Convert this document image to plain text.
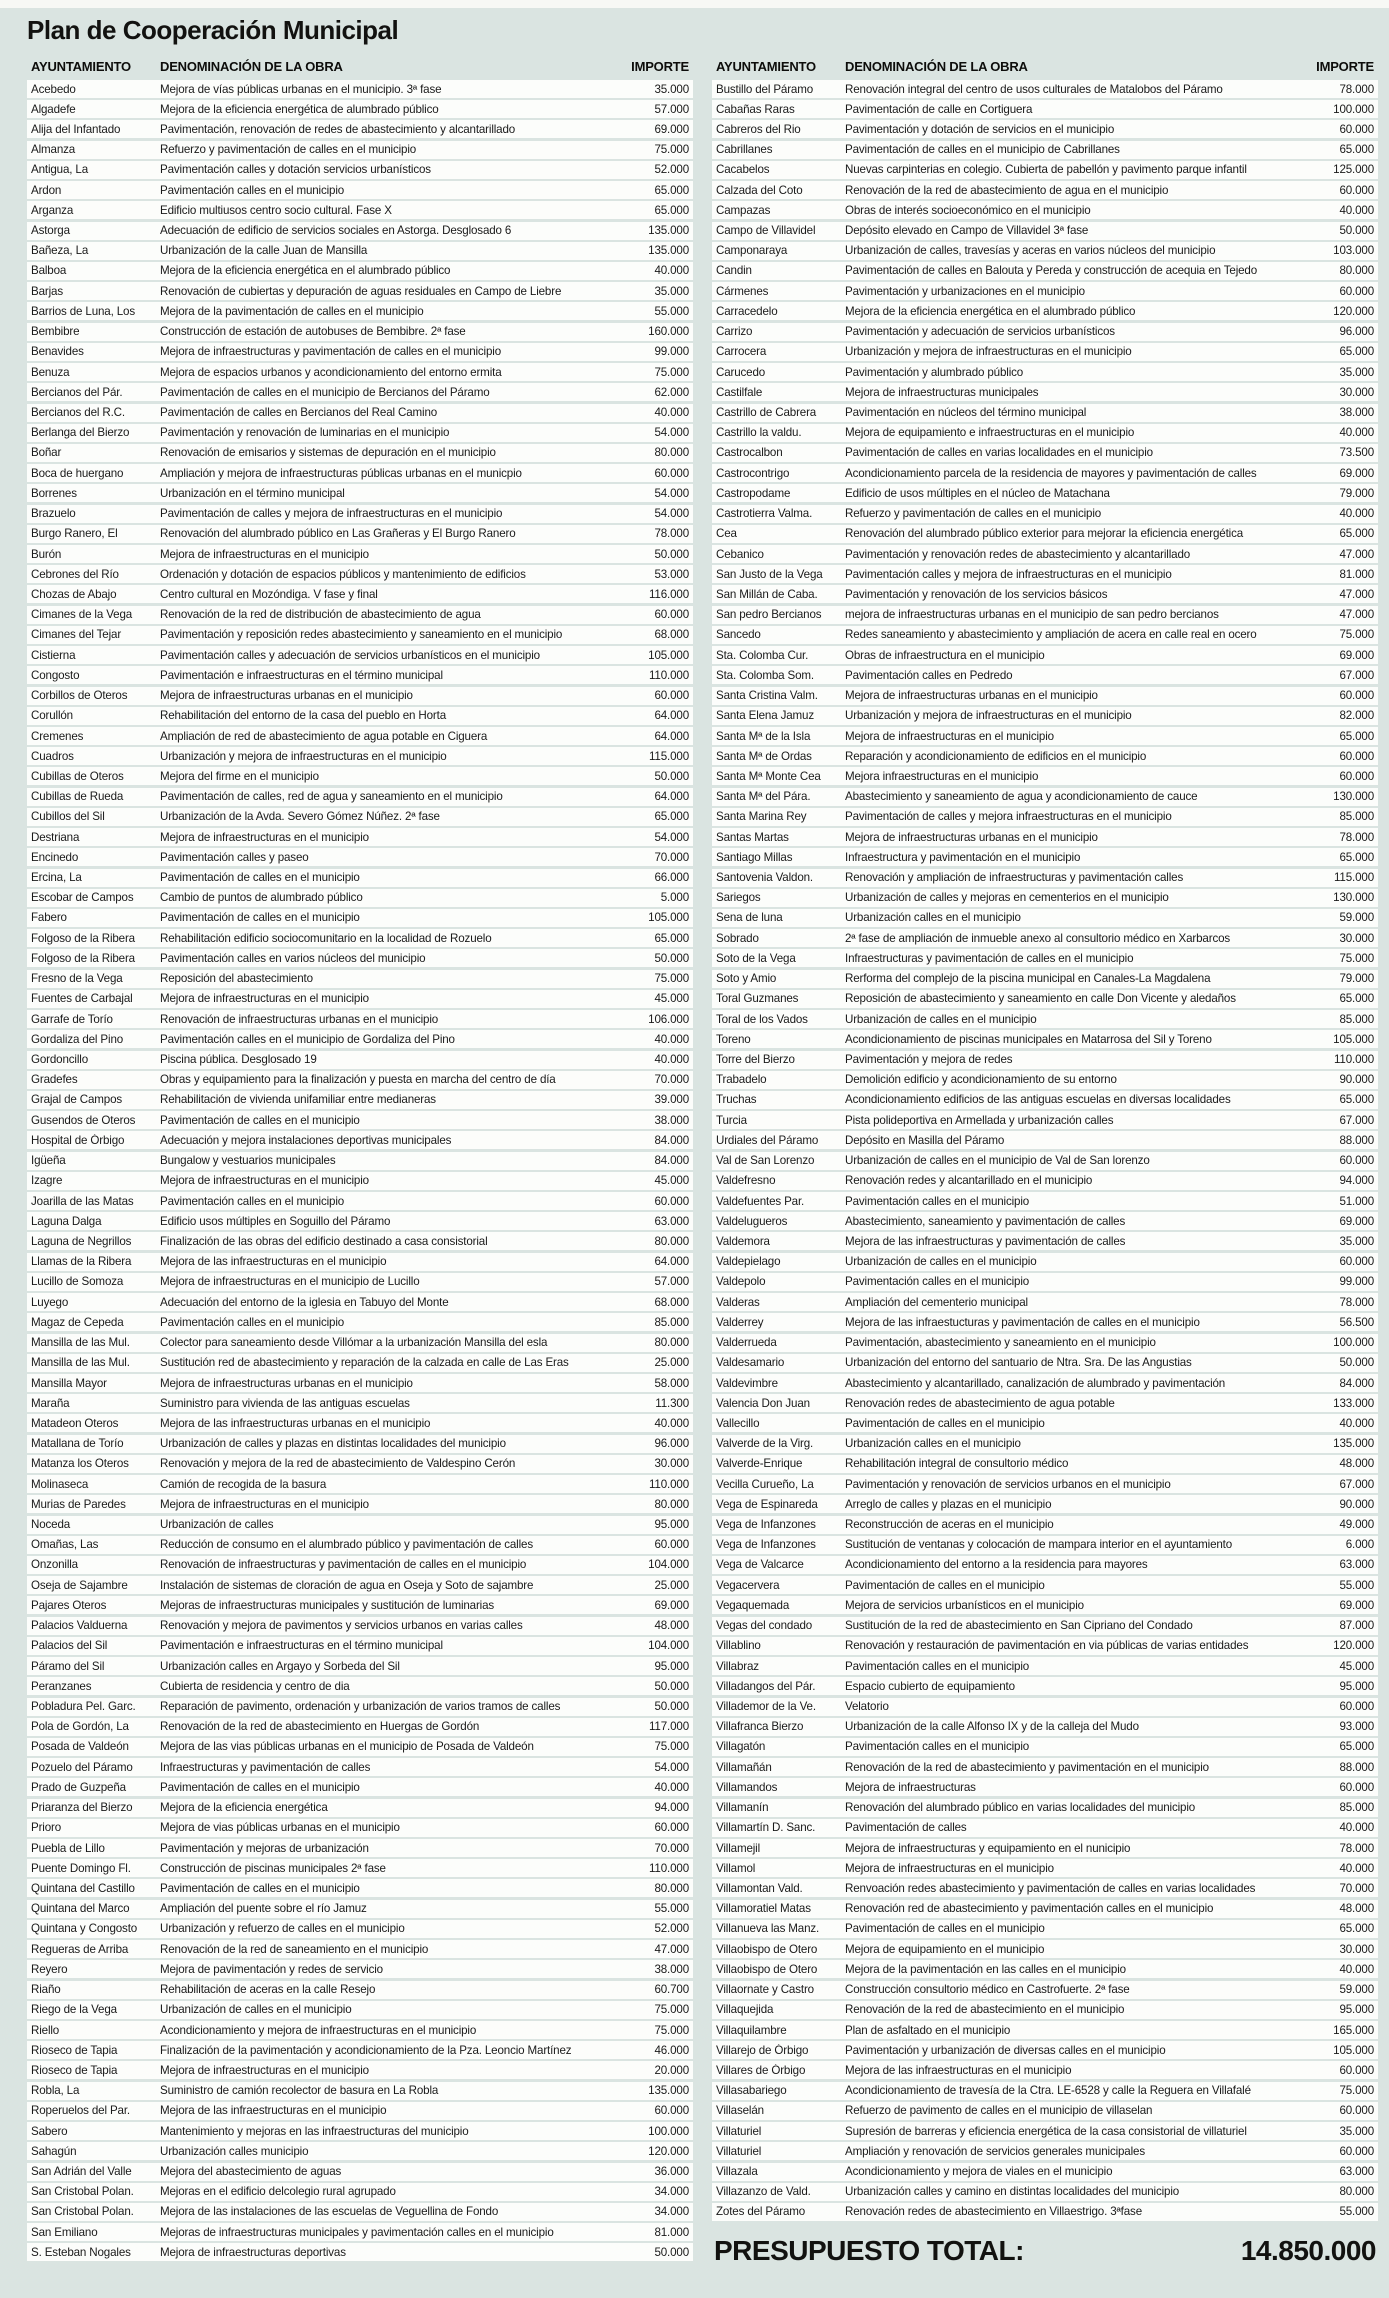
Plan de Cooperación Municipal
AYUNTAMIENTO	DENOMINACIÓN DE LA OBRA	IMPORTE
Acebedo	Mejora de vías públicas urbanas en el municipio. 3ª fase	35.000
Algadefe	Mejora de la eficiencia energética de alumbrado público	57.000
Alija del Infantado	Pavimentación, renovación de redes de abastecimiento y alcantarillado	69.000
Almanza	Refuerzo y pavimentación de calles en el municipio	75.000
Antigua, La	Pavimentación calles y dotación servicios urbanísticos	52.000
Ardon	Pavimentación calles en el municipio	65.000
Arganza	Edificio multiusos centro socio cultural. Fase X	65.000
Astorga	Adecuación de edificio de servicios sociales en Astorga. Desglosado 6	135.000
Bañeza, La	Urbanización de la calle Juan de Mansilla	135.000
Balboa	Mejora de la eficiencia energética en el alumbrado público	40.000
Barjas	Renovación de cubiertas y depuración de aguas residuales en Campo de Liebre	35.000
Barrios de Luna, Los	Mejora de la pavimentación de calles en el municipio	55.000
Bembibre	Construcción de estación de autobuses de Bembibre. 2ª fase	160.000
Benavides	Mejora de infraestructuras y pavimentación de calles en el municipio	99.000
Benuza	Mejora de espacios urbanos y acondicionamiento del entorno ermita	75.000
Bercianos del Pár.	Pavimentación de calles en el municipio de Bercianos del Páramo	62.000
Bercianos del R.C.	Pavimentación de calles en Bercianos del Real Camino	40.000
Berlanga del Bierzo	Pavimentación y renovación de luminarias en el municipio	54.000
Boñar	Renovación de emisarios y sistemas de depuración en el municipio	80.000
Boca de huergano	Ampliación y mejora de infraestructuras públicas urbanas en el municpio	60.000
Borrenes	Urbanización en el término municipal	54.000
Brazuelo	Pavimentación de calles y mejora de infraestructuras en el municipio	54.000
Burgo Ranero, El	Renovación del alumbrado público en Las Grañeras y El Burgo Ranero	78.000
Burón	Mejora de infraestructuras en el municipio	50.000
Cebrones del Río	Ordenación y dotación de espacios públicos y mantenimiento de edificios	53.000
Chozas de Abajo	Centro cultural en Mozóndiga. V fase y final	116.000
Cimanes de la Vega	Renovación de la red de distribución de abastecimiento de agua	60.000
Cimanes del Tejar	Pavimentación y reposición redes abastecimiento y saneamiento en el municipio	68.000
Cistierna	Pavimentación calles y adecuación de servicios urbanísticos en el municipio	105.000
Congosto	Pavimentación e infraestructuras en el término municipal	110.000
Corbillos de Oteros	Mejora de infraestructuras urbanas en el municipio	60.000
Corullón	Rehabilitación del entorno de la casa del pueblo en Horta	64.000
Cremenes	Ampliación de red de abastecimiento de agua potable en Ciguera	64.000
Cuadros	Urbanización y mejora de infraestructuras en el municipio	115.000
Cubillas de Oteros	Mejora del firme en el municipio	50.000
Cubillas de Rueda	Pavimentación de calles, red de agua y saneamiento en el municipio	64.000
Cubillos del Sil	Urbanización de la Avda. Severo Gómez Núñez. 2ª fase	65.000
Destriana	Mejora de infraestructuras en el municipio	54.000
Encinedo	Pavimentación calles y paseo	70.000
Ercina, La	Pavimentación de calles en el municipio	66.000
Escobar de Campos	Cambio de puntos de alumbrado público	5.000
Fabero	Pavimentación de calles en el municipio	105.000
Folgoso de la Ribera	Rehabilitación edificio sociocomunitario en la localidad de Rozuelo	65.000
Folgoso de la Ribera	Pavimentación calles en varios núcleos del municipio	50.000
Fresno de la Vega	Reposición del abastecimiento	75.000
Fuentes de Carbajal	Mejora de infraestructuras en el municipio	45.000
Garrafe de Torío	Renovación de infraestructuras urbanas en el municipio	106.000
Gordaliza del Pino	Pavimentación calles en el municipio de Gordaliza del Pino	40.000
Gordoncillo	Piscina pública. Desglosado 19	40.000
Gradefes	Obras y equipamiento para la finalización y puesta en marcha del centro de día	70.000
Grajal de Campos	Rehabilitación de vivienda unifamiliar entre medianeras	39.000
Gusendos de Oteros	Pavimentación de calles en el municipio	38.000
Hospital de Órbigo	Adecuación y mejora instalaciones deportivas municipales	84.000
Igüeña	Bungalow y vestuarios municipales	84.000
Izagre	Mejora de infraestructuras en el municipio	45.000
Joarilla de las Matas	Pavimentación calles en el municipio	60.000
Laguna Dalga	Edificio usos múltiples en Soguillo del Páramo	63.000
Laguna de Negrillos	Finalización de las obras del edificio destinado a casa consistorial	80.000
Llamas de la Ribera	Mejora de las infraestructuras en el municipio	64.000
Lucillo de Somoza	Mejora de infraestructuras en el municipio de Lucillo	57.000
Luyego	Adecuación del entorno de la iglesia en Tabuyo del Monte	68.000
Magaz de Cepeda	Pavimentación calles en el municipio	85.000
Mansilla de las Mul.	Colector para saneamiento desde Villómar a la urbanización Mansilla del esla	80.000
Mansilla de las Mul.	Sustitución red de abastecimiento y reparación de la calzada en calle de Las Eras	25.000
Mansilla Mayor	Mejora de infraestructuras urbanas en el municipio	58.000
Maraña	Suministro para vivienda de las antiguas escuelas	11.300
Matadeon Oteros	Mejora de las infraestructuras urbanas en el municipio	40.000
Matallana de Torío	Urbanización de calles y plazas en distintas localidades del municipio	96.000
Matanza los Oteros	Renovación y mejora de la red de abastecimiento de Valdespino Cerón	30.000
Molinaseca	Camión de recogida de la basura	110.000
Murias de Paredes	Mejora de infraestructuras en el municipio	80.000
Noceda	Urbanización de calles	95.000
Omañas, Las	Reducción de consumo en el alumbrado público y pavimentación de calles	60.000
Onzonilla	Renovación de infraestructuras y pavimentación de calles en el municipio	104.000
Oseja de Sajambre	Instalación de sistemas de cloración de agua en Oseja y Soto de sajambre	25.000
Pajares Oteros	Mejoras de infraestructuras municipales y sustitución de luminarias	69.000
Palacios Valduerna	Renovación y mejora de pavimentos y servicios urbanos en varias calles	48.000
Palacios del Sil	Pavimentación e infraestructuras en el término municipal	104.000
Páramo del Sil	Urbanización calles en Argayo y Sorbeda del Sil	95.000
Peranzanes	Cubierta de residencia y centro de dia	50.000
Pobladura Pel. Garc.	Reparación de pavimento, ordenación y urbanización de varios tramos de calles	50.000
Pola de Gordón, La	Renovación de la red de abastecimiento en Huergas de Gordón	117.000
Posada de Valdeón	Mejora de las vias públicas urbanas en el municipio de Posada de Valdeón	75.000
Pozuelo del Páramo	Infraestructuras y pavimentación de calles	54.000
Prado de Guzpeña	Pavimentación de calles en el municipio	40.000
Priaranza del Bierzo	Mejora de la eficiencia energética	94.000
Prioro	Mejora de vias públicas urbanas en el municipio	60.000
Puebla de Lillo	Pavimentación y mejoras de urbanización	70.000
Puente Domingo Fl.	Construcción de piscinas municipales 2ª fase	110.000
Quintana del Castillo	Pavimentación de calles en el municipio	80.000
Quintana del Marco	Ampliación del puente sobre el río Jamuz	55.000
Quintana y Congosto	Urbanización y refuerzo de calles en el municipio	52.000
Regueras de Arriba	Renovación de la red de saneamiento en el municipio	47.000
Reyero	Mejora de pavimentación y redes de servicio	38.000
Riaño	Rehabilitación de aceras en la calle Resejo	60.700
Riego de la Vega	Urbanización de calles en el municipio	75.000
Riello	Acondicionamiento y mejora de infraestructuras en el municipio	75.000
Rioseco de Tapia	Finalización de la pavimentación y acondicionamiento de la Pza. Leoncio Martínez	46.000
Rioseco de Tapia	Mejora de infraestructuras en el municipio	20.000
Robla, La	Suministro de camión recolector de basura en La Robla	135.000
Roperuelos del Par.	Mejora de las infraestructuras en el municipio	60.000
Sabero	Mantenimiento y mejoras en las infraestructuras del municipio	100.000
Sahagún	Urbanización calles municipio	120.000
San Adrián del Valle	Mejora del abastecimiento de aguas	36.000
San Cristobal Polan.	Mejoras en el edificio delcolegio rural agrupado	34.000
San Cristobal Polan.	Mejora de las instalaciones de las escuelas de Veguellina de Fondo	34.000
San Emiliano	Mejoras de infraestructuras municipales y pavimentación calles en el municipio	81.000
S. Esteban Nogales	Mejora de infraestructuras deportivas	50.000
AYUNTAMIENTO	DENOMINACIÓN DE LA OBRA	IMPORTE
Bustillo del Páramo	Renovación integral del centro de usos culturales de Matalobos del Páramo	78.000
Cabañas Raras	Pavimentación de calle en Cortiguera	100.000
Cabreros del Rio	Pavimentación y dotación de servicios en el municipio	60.000
Cabrillanes	Pavimentación de calles en el municipio de Cabrillanes	65.000
Cacabelos	Nuevas carpinterias en colegio. Cubierta de pabellón y pavimento parque infantil	125.000
Calzada del Coto	Renovación de la red de abastecimiento de agua en el municipio	60.000
Campazas	Obras de interés socioeconómico en el municipio	40.000
Campo de Villavidel	Depósito elevado en Campo de Villavidel 3ª fase	50.000
Camponaraya	Urbanización de calles, travesías y aceras en varios núcleos del municipio	103.000
Candin	Pavimentación de calles en Balouta y Pereda y construcción de acequia en Tejedo	80.000
Cármenes	Pavimentación y urbanizaciones en el municipio	60.000
Carracedelo	Mejora de la eficiencia energética en el alumbrado público	120.000
Carrizo	Pavimentación y adecuación de servicios urbanísticos	96.000
Carrocera	Urbanización y mejora de infraestructuras en el municipio	65.000
Carucedo	Pavimentación y alumbrado público	35.000
Castilfale	Mejora de infraestructuras municipales	30.000
Castrillo de Cabrera	Pavimentación en núcleos del término municipal	38.000
Castrillo la valdu.	Mejora de equipamiento e infraestructuras en el municipio	40.000
Castrocalbon	Pavimentación de calles en varias localidades en el municipio	73.500
Castrocontrigo	Acondicionamiento parcela de la residencia de mayores y pavimentación de calles	69.000
Castropodame	Edificio de usos múltiples en el núcleo de Matachana	79.000
Castrotierra Valma.	Refuerzo y pavimentación de calles en el municipio	40.000
Cea	Renovación del alumbrado público exterior para mejorar la eficiencia energética	65.000
Cebanico	Pavimentación y renovación redes de abastecimiento y alcantarillado	47.000
San Justo de la Vega	Pavimentación calles y mejora de infraestructuras en el municipio	81.000
San Millán de Caba.	Pavimentación y renovación de los servicios básicos	47.000
San pedro Bercianos	mejora de infraestructuras urbanas en el municipio de san pedro bercianos	47.000
Sancedo	Redes saneamiento y abastecimiento y ampliación de acera en calle real en ocero	75.000
Sta. Colomba Cur.	Obras de infraestructura en el municipio	69.000
Sta. Colomba Som.	Pavimentación calles en Pedredo	67.000
Santa Cristina Valm.	Mejora de infraestructuras urbanas en el municipio	60.000
Santa Elena Jamuz	Urbanización y mejora de infraestructuras en el municipio	82.000
Santa Mª de la Isla	Mejora de infraestructuras en el municipio	65.000
Santa Mª de Ordas	Reparación y acondicionamiento de edificios en el municipio	60.000
Santa Mª Monte Cea	Mejora infraestructuras en el municipio	60.000
Santa Mª del Pára.	Abastecimiento y saneamiento de agua y acondicionamiento de cauce	130.000
Santa Marina Rey	Pavimentación de calles y mejora infraestructuras en el municipio	85.000
Santas Martas	Mejora de infraestructuras urbanas en el municipio	78.000
Santiago Millas	Infraestructura y pavimentación en el municipio	65.000
Santovenia Valdon.	Renovación y ampliación de infraestructuras y pavimentación calles	115.000
Sariegos	Urbanización de calles y mejoras en cementerios en el municipio	130.000
Sena de luna	Urbanización calles en el municipio	59.000
Sobrado	2ª fase de ampliación de inmueble anexo al consultorio médico en Xarbarcos	30.000
Soto de la Vega	Infraestructuras y pavimentación de calles en el municipio	75.000
Soto y Amio	Rerforma del complejo de la piscina municipal en Canales-La Magdalena	79.000
Toral Guzmanes	Reposición de abastecimiento y saneamiento en calle Don Vicente y aledaños	65.000
Toral de los Vados	Urbanización de calles en el municipio	85.000
Toreno	Acondicionamiento de piscinas municipales en Matarrosa del Sil y Toreno	105.000
Torre del Bierzo	Pavimentación y mejora de redes	110.000
Trabadelo	Demolición edificio y acondicionamiento de su entorno	90.000
Truchas	Acondicionamiento edificios de las antiguas escuelas en diversas localidades	65.000
Turcia	Pista polideportiva en Armellada y urbanización calles	67.000
Urdiales del Páramo	Depósito en Masilla del Páramo	88.000
Val de San Lorenzo	Urbanización de calles en el municipio de Val de San lorenzo	60.000
Valdefresno	Renovación redes y alcantarillado en el municipio	94.000
Valdefuentes Par.	Pavimentación calles en el municipio	51.000
Valdelugueros	Abastecimiento, saneamiento y pavimentación de calles	69.000
Valdemora	Mejora de las infraestructuras y pavimentación de calles	35.000
Valdepielago	Urbanización de calles en el municipio	60.000
Valdepolo	Pavimentación calles en el municipio	99.000
Valderas	Ampliación del cementerio municipal	78.000
Valderrey	Mejora de las infraestucturas y pavimentación de calles en el municipio	56.500
Valderrueda	Pavimentación, abastecimiento y saneamiento en el municipio	100.000
Valdesamario	Urbanización del entorno del santuario de Ntra. Sra. De las Angustias	50.000
Valdevimbre	Abastecimiento y alcantarillado, canalización de alumbrado y pavimentación	84.000
Valencia Don Juan	Renovación redes de abastecimiento de agua potable	133.000
Vallecillo	Pavimentación de calles en el municipio	40.000
Valverde de la Virg.	Urbanización calles en el municipio	135.000
Valverde-Enrique	Rehabilitación integral de consultorio médico	48.000
Vecilla Curueño, La	Pavimentación y renovación de servicios urbanos en el municipio	67.000
Vega de Espinareda	Arreglo de calles y plazas en el municipio	90.000
Vega de Infanzones	Reconstrucción de aceras en el municipio	49.000
Vega de Infanzones	Sustitución de ventanas y colocación de mampara interior en el ayuntamiento	6.000
Vega de Valcarce	Acondicionamiento del entorno a la residencia para mayores	63.000
Vegacervera	Pavimentación de calles en el municipio	55.000
Vegaquemada	Mejora de servicios urbanísticos en el municipio	69.000
Vegas del condado	Sustitución de la red de abastecimiento en San Cipriano del Condado	87.000
Villablino	Renovación y restauración de pavimentación en via públicas de varias entidades	120.000
Villabraz	Pavimentación calles en el municipio	45.000
Villadangos del Pár.	Espacio cubierto de equipamiento	95.000
Villademor de la Ve.	Velatorio	60.000
Villafranca Bierzo	Urbanización de la calle Alfonso IX y de la calleja del Mudo	93.000
Villagatón	Pavimentación calles en el municipio	65.000
Villamañán	Renovación de la red de abastecimiento y pavimentación en el municipio	88.000
Villamandos	Mejora de infraestructuras	60.000
Villamanín	Renovación del alumbrado público en varias localidades del municipio	85.000
Villamartín D. Sanc.	Pavimentación de calles	40.000
Villamejil	Mejora de infraestructuras y equipamiento en el nunicipio	78.000
Villamol	Mejora de infraestructuras en el municipio	40.000
Villamontan Vald.	Renvoación redes abastecimiento y pavimentación de calles en varias localidades	70.000
Villamoratiel Matas	Renovación red de abastecimiento y pavimentación calles en el municipio	48.000
Villanueva las Manz.	Pavimentación de calles en el municipio	65.000
Villaobispo de Otero	Mejora de equipamiento en el municipio	30.000
Villaobispo de Otero	Mejora de la pavimentación en las calles en el municipio	40.000
Villaornate y Castro	Construcción consultorio médico en Castrofuerte. 2ª fase	59.000
Villaquejida	Renovación de la red de abastecimiento en el municipio	95.000
Villaquilambre	Plan de asfaltado en el municipio	165.000
Villarejo de Órbigo	Pavimentación y urbanización de diversas calles en el municipio	105.000
Villares de Órbigo	Mejora de las infraestructuras en el municipio	60.000
Villasabariego	Acondicionamiento de travesía de la Ctra. LE-6528 y calle la Reguera en Villafalé	75.000
Villaselán	Refuerzo de pavimento de calles en el municipio de villaselan	60.000
Villaturiel	Supresión de barreras y eficiencia energética de la casa consistorial de villaturiel	35.000
Villaturiel	Ampliación y renovación de servicios generales municipales	60.000
Villazala	Acondicionamiento y mejora de viales en el municipio	63.000
Villazanzo de Vald.	Urbanización calles y camino en distintas localidades del municipio	80.000
Zotes del Páramo	Renovación redes de abastecimiento en Villaestrigo. 3ªfase	55.000
PRESUPUESTO TOTAL:	14.850.000
